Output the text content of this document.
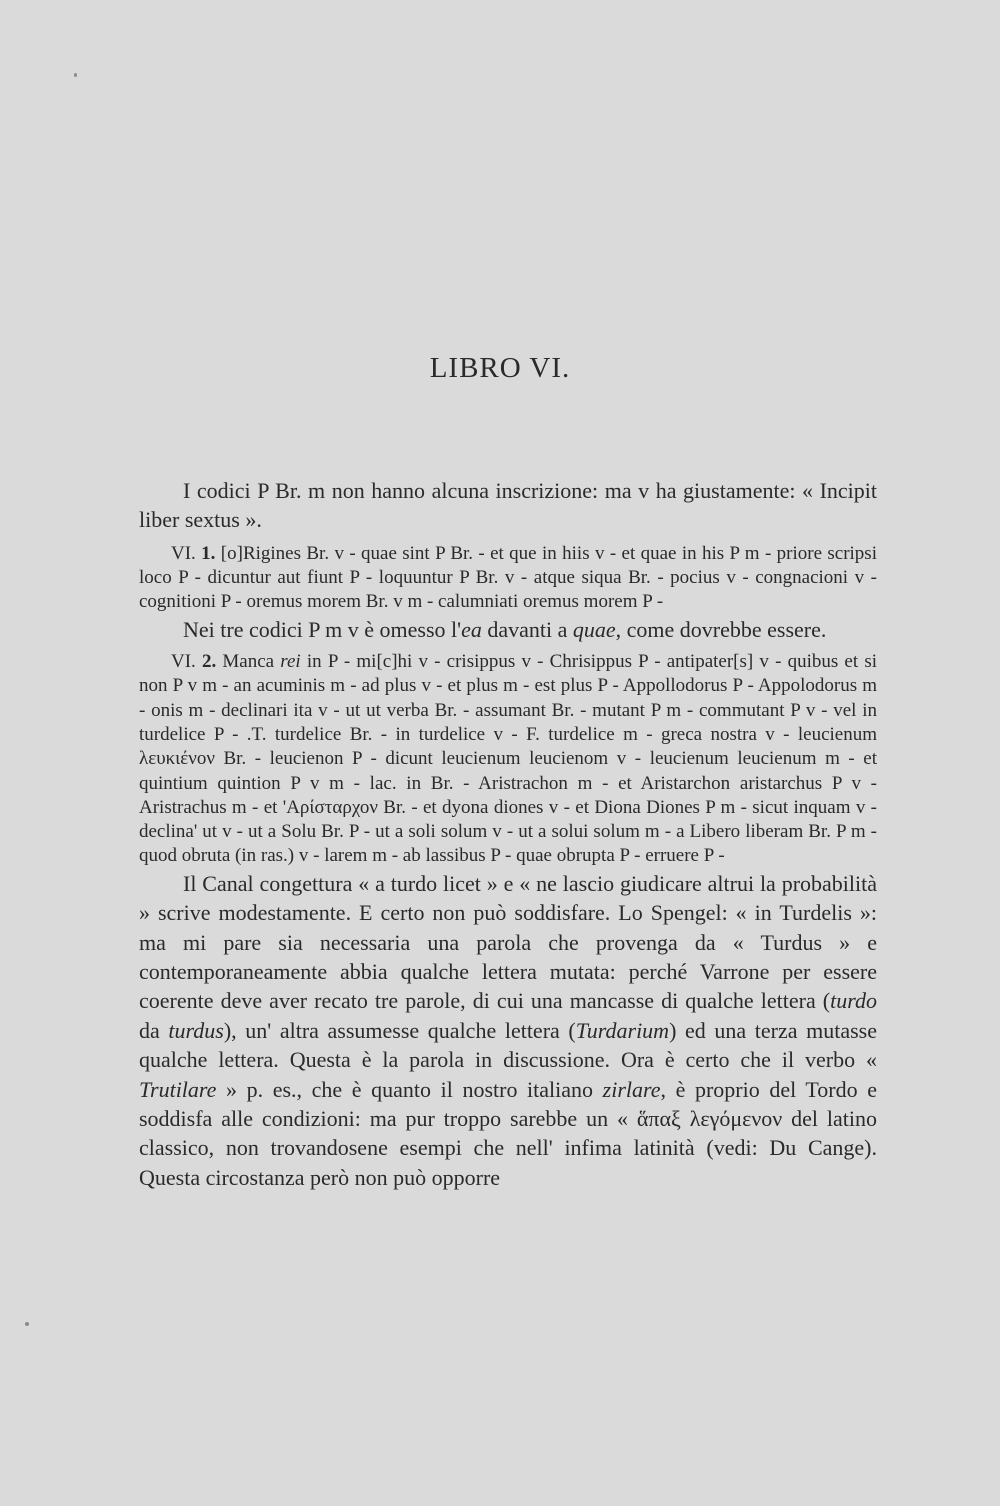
LIBRO VI.

I codici P Br. m non hanno alcuna inscrizione: ma v ha giustamente: « Incipit liber sextus ».

VI. 1. [o]Rigines Br. v - quae sint P Br. - et que in hiis v - et quae in his P m - priore scripsi loco P - dicuntur aut fiunt P - loquuntur P Br. v - atque siqua Br. - pocius v - congnacioni v - cognitioni P - oremus morem Br. v m - calumniati oremus morem P -

Nei tre codici P m v è omesso l'ea davanti a quae, come dovrebbe essere.

VI. 2. Manca rei in P - mi[c]hi v - crisippus v - Chrisippus P - antipater[s] v - quibus et si non P v m - an acuminis m - ad plus v - et plus m - est plus P - Appollodorus P - Appolodorus m - onis m - declinari ita v - ut ut verba Br. - assumant Br. - mutant P m - commutant P v - vel in turdelice P - .T. turdelice Br. - in turdelice v - F. turdelice m - greca nostra v - leucienum λευκιένον Br. - leucienon P - dicunt leucienum leucienom v - leucienum leucienum m - et quintium quintion P v m - lac. in Br. - Aristrachon m - et Aristarchon aristarchus P v - Aristrachus m - et 'Αρίσταρχον Br. - et dyona diones v - et Diona Diones P m - sicut inquam v - declina' ut v - ut a Solu Br. P - ut a soli solum v - ut a solui solum m - a Libero liberam Br. P m - quod obruta (in ras.) v - larem m - ab lassibus P - quae obrupta P - erruere P -

Il Canal congettura « a turdo licet » e « ne lascio giudicare altrui la probabilità » scrive modestamente. E certo non può soddisfare. Lo Spengel: « in Turdelis »: ma mi pare sia necessaria una parola che provenga da « Turdus » e contemporaneamente abbia qualche lettera mutata: perché Varrone per essere coerente deve aver recato tre parole, di cui una mancasse di qualche lettera (turdo da turdus), un' altra assumesse qualche lettera (Turdarium) ed una terza mutasse qualche lettera. Questa è la parola in discussione. Ora è certo che il verbo « Trutilare » p. es., che è quanto il nostro italiano zirlare, è proprio del Tordo e soddisfa alle condizioni: ma pur troppo sarebbe un « ἅπαξ λεγόμενον del latino classico, non trovandosene esempi che nell' infima latinità (vedi: Du Cange). Questa circostanza però non può opporre
